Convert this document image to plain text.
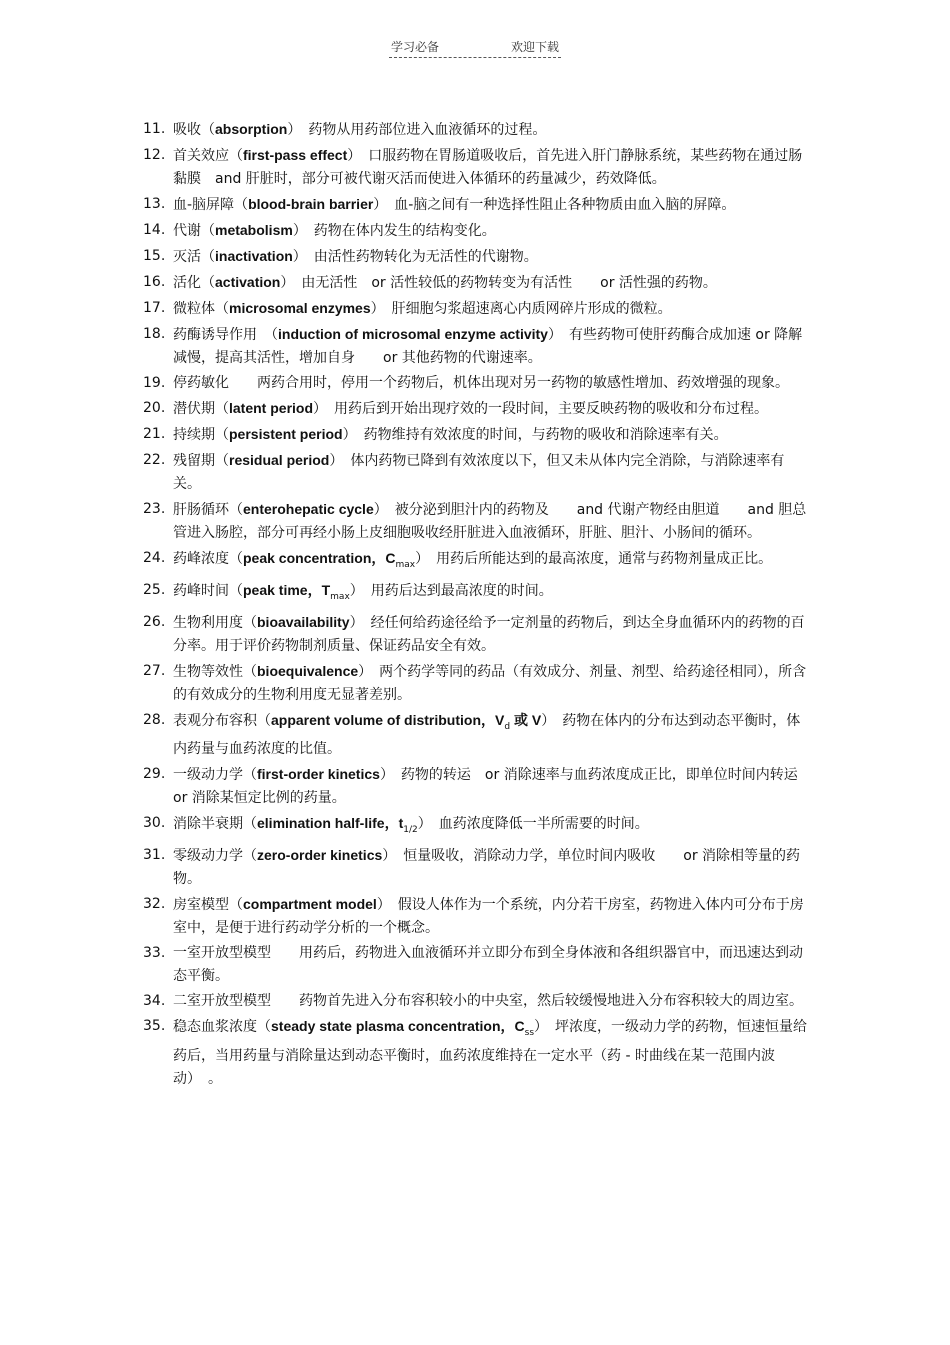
学习必备	欢迎下载
11. 吸收（absorption）　药物从用药部位进入血液循环的过程。
12. 首关效应（first-pass effect）　口服药物在胃肠道吸收后，首先进入肝门静脉系统，某些药物在通过肠黏膜　and 肝脏时，部分可被代谢灭活而使进入体循环的药量减少，药效降低。
13. 血-脑屏障（blood-brain barrier）　血-脑之间有一种选择性阻止各种物质由血入脑的屏障。
14. 代谢（metabolism）　药物在体内发生的结构变化。
15. 灭活（inactivation）　由活性药物转化为无活性的代谢物。
16. 活化（activation）　由无活性　or 活性较低的药物转变为有活性　　or 活性强的药物。
17. 微粒体（microsomal enzymes）　肝细胞匀浆超速离心内质网碎片形成的微粒。
18. 药酶诱导作用　（induction of microsomal enzyme activity）　有些药物可使肝药酶合成加速 or 降解减慢，提高其活性，增加自身　　or 其他药物的代谢速率。
19. 停药敏化　　两药合用时，停用一个药物后，机体出现对另一药物的敏感性增加、药效增强的现象。
20. 潜伏期（latent period）　用药后到开始出现疗效的一段时间，主要反映药物的吸收和分布过程。
21. 持续期（persistent period）　药物维持有效浓度的时间，与药物的吸收和消除速率有关。
22. 残留期（residual period）　体内药物已降到有效浓度以下，但又未从体内完全消除，与消除速率有关。
23. 肝肠循环（enterohepatic cycle）　被分泌到胆汁内的药物及　　and 代谢产物经由胆道　　and 胆总管进入肠腔，部分可再经小肠上皮细胞吸收经肝脏进入血液循环，肝脏、胆汁、小肠间的循环。
24. 药峰浓度（peak concentration，$C_{max}$）　用药后所能达到的最高浓度，通常与药物剂量成正比。
25. 药峰时间（peak time，$T_{max}$）　用药后达到最高浓度的时间。
26. 生物利用度（bioavailability）　经任何给药途径给予一定剂量的药物后，到达全身血循环内的药物的百分率。用于评价药物制剂质量、保证药品安全有效。
27. 生物等效性（bioequivalence）　两个药学等同的药品（有效成分、剂量、剂型、给药途径相同），所含的有效成分的生物利用度无显著差别。
28. 表观分布容积（apparent volume of distribution，$V_d$ 或 V）　药物在体内的分布达到动态平衡时，体内药量与血药浓度的比值。
29. 一级动力学（first-order kinetics）　药物的转运　or 消除速率与血药浓度成正比，即单位时间内转运　or 消除某恒定比例的药量。
30. 消除半衰期（elimination half-life，$t_{1/2}$）　血药浓度降低一半所需要的时间。
31. 零级动力学（zero-order kinetics）　恒量吸收，消除动力学，单位时间内吸收　　or 消除相等量的药物。
32. 房室模型（compartment model）　假设人体作为一个系统，内分若干房室，药物进入体内可分布于房室中，是便于进行药动学分析的一个概念。
33. 一室开放型模型　　用药后，药物进入血液循环并立即分布到全身体液和各组织器官中，而迅速达到动态平衡。
34. 二室开放型模型　　药物首先进入分布容积较小的中央室，然后较缓慢地进入分布容积较大的周边室。
35. 稳态血浆浓度（steady state plasma concentration，$C_{ss}$）　坪浓度，一级动力学的药物，恒速恒量给药后，当用药量与消除量达到动态平衡时，血药浓度维持在一定水平（药 - 时曲线在某一范围内波动）　。
